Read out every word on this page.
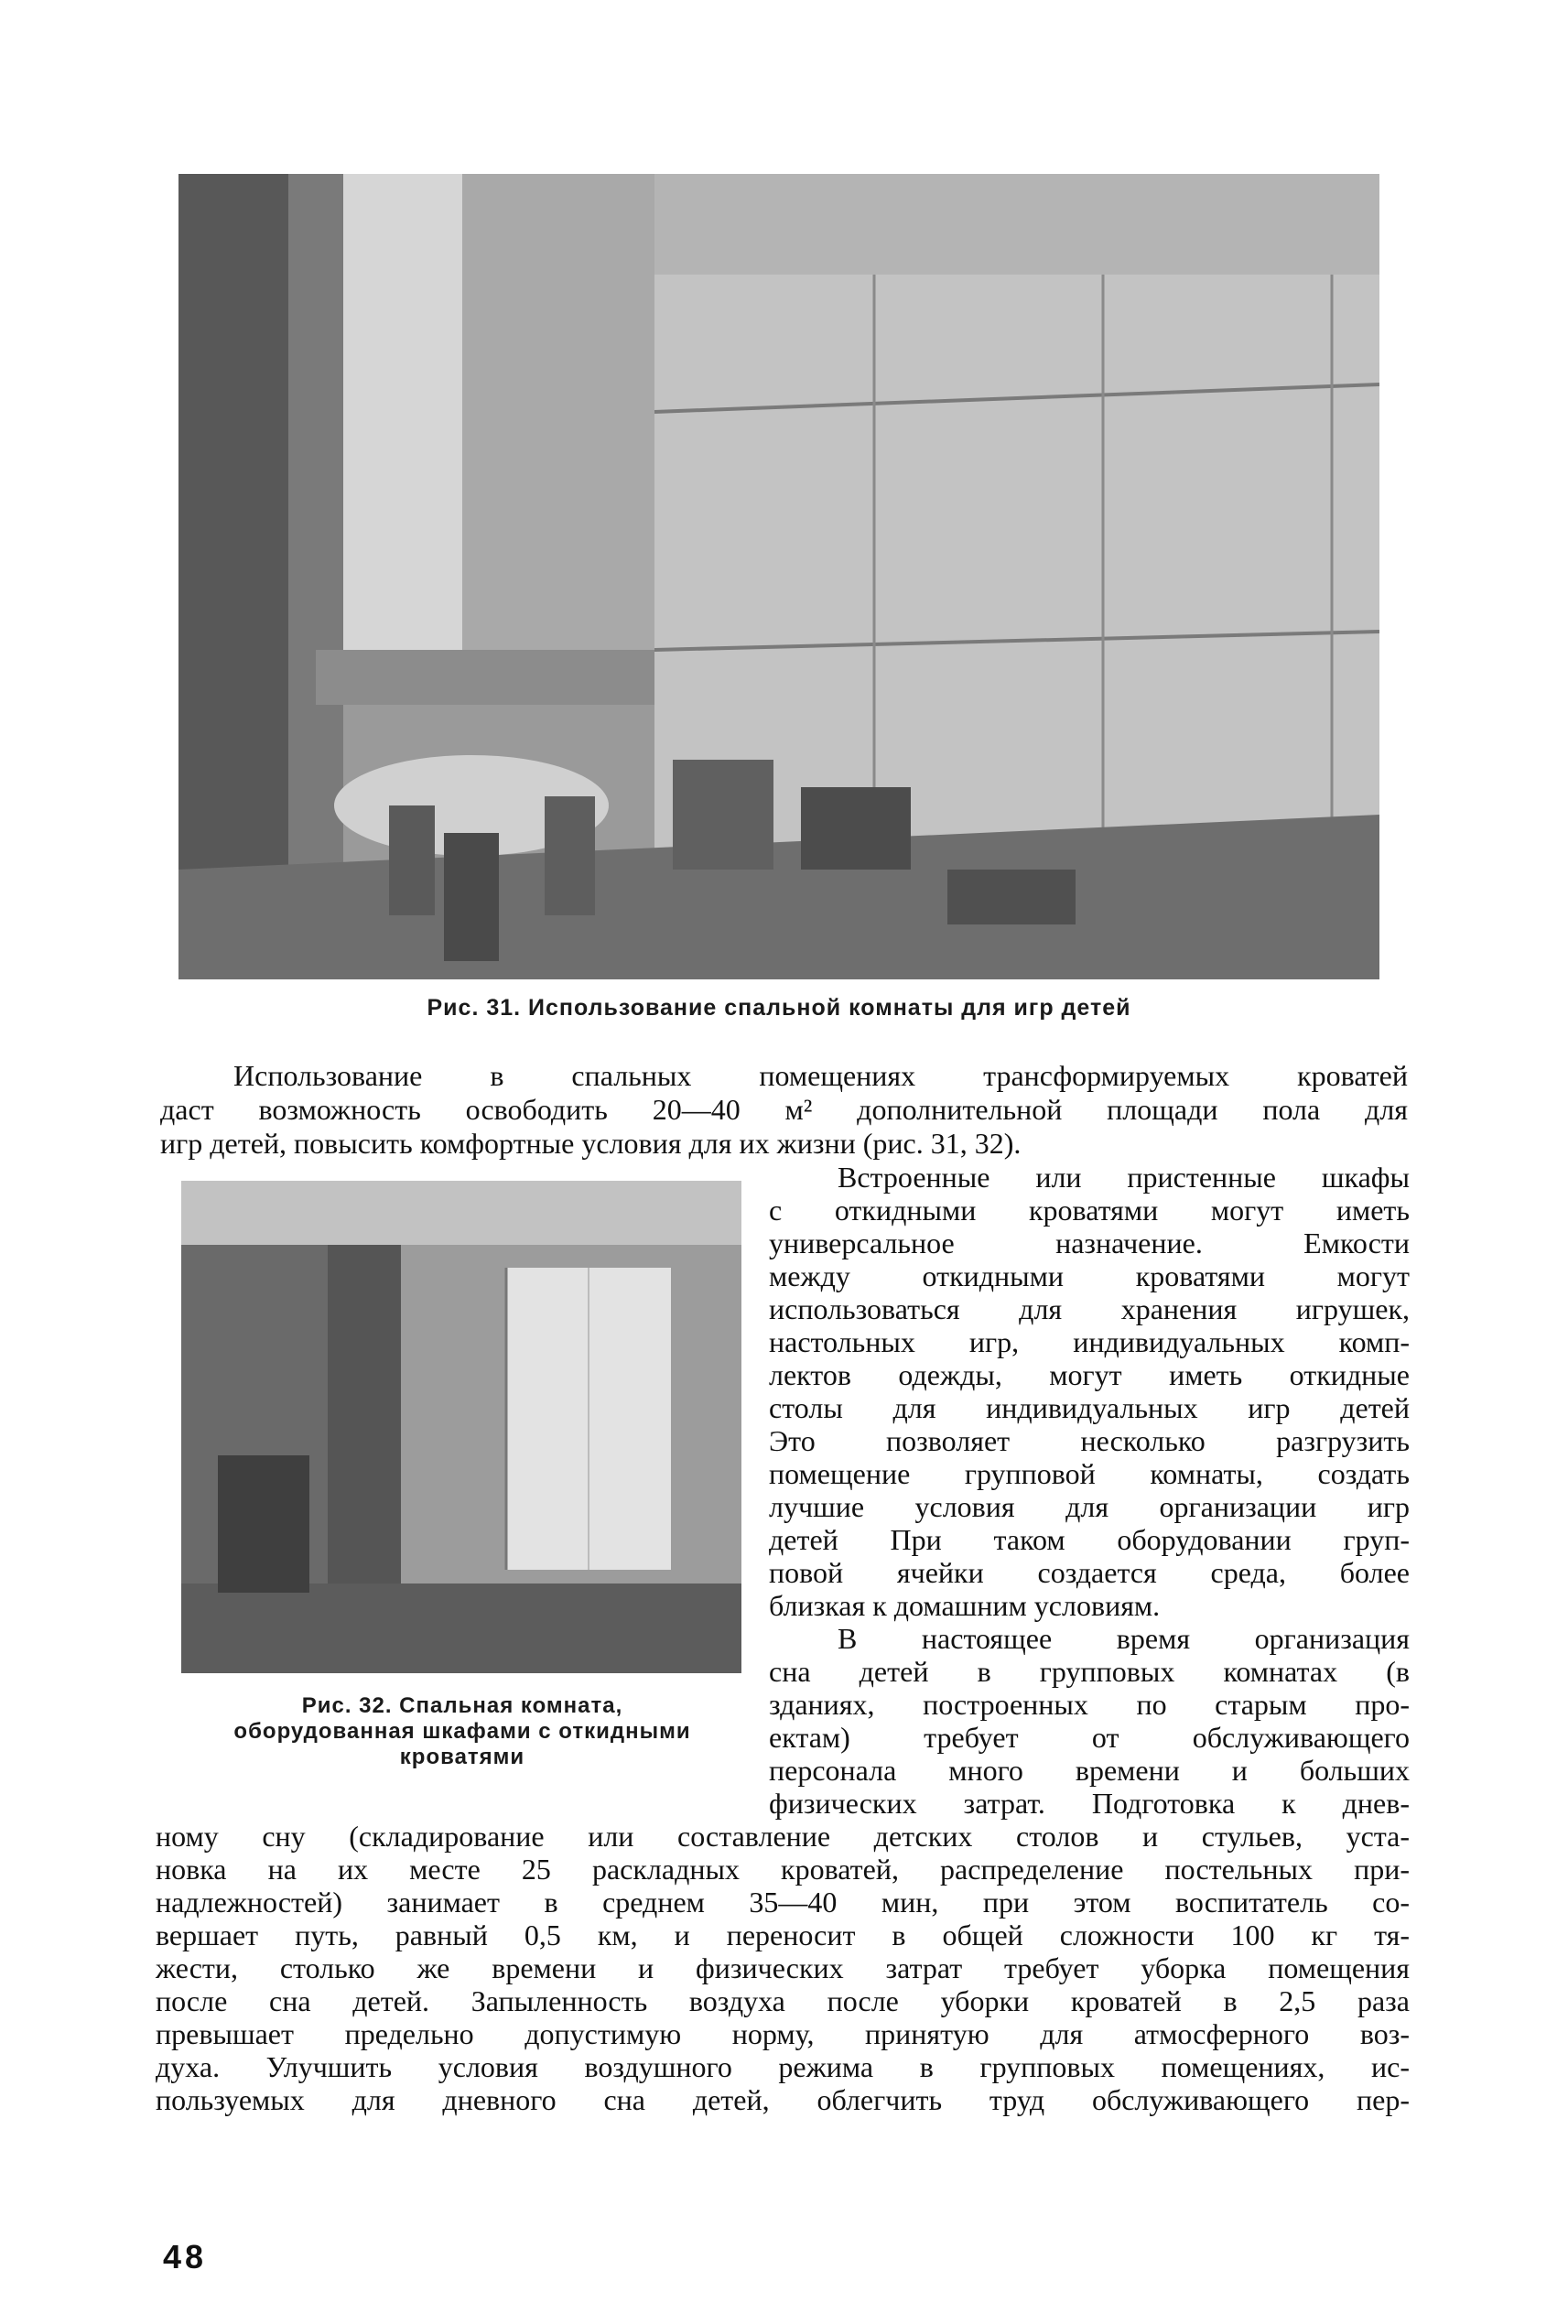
Рис. 31. Использование спальной комнаты для игр детей
Использование в спальных помещениях трансформируемых кроватей
даст возможность освободить 20—40 м² дополнительной площади пола для
игр детей, повысить комфортные условия для их жизни (рис. 31, 32).
Рис. 32. Спальная комната,
оборудованная шкафами с откидными
кроватями
Встроенные или пристенные шкафы
с откидными кроватями могут иметь
универсальное назначение. Емкости
между откидными кроватями могут
использоваться для хранения игрушек,
настольных игр, индивидуальных комп-
лектов одежды, могут иметь откидные
столы для индивидуальных игр детей
Это позволяет несколько разгрузить
помещение групповой комнаты, создать
лучшие условия для организации игр
детей При таком оборудовании груп-
повой ячейки создается среда, более
близкая к домашним условиям.
В настоящее время организация
сна детей в групповых комнатах (в
зданиях, построенных по старым про-
ектам) требует от обслуживающего
персонала много времени и больших
физических затрат. Подготовка к днев-
ному сну (складирование или составление детских столов и стульев, уста-
новка на их месте 25 раскладных кроватей, распределение постельных при-
надлежностей) занимает в среднем 35—40 мин, при этом воспитатель со-
вершает путь, равный 0,5 км, и переносит в общей сложности 100 кг тя-
жести, столько же времени и физических затрат требует уборка помещения
после сна детей. Запыленность воздуха после уборки кроватей в 2,5 раза
превышает предельно допустимую норму, принятую для атмосферного воз-
духа. Улучшить условия воздушного режима в групповых помещениях, ис-
пользуемых для дневного сна детей, облегчить труд обслуживающего пер-
48
